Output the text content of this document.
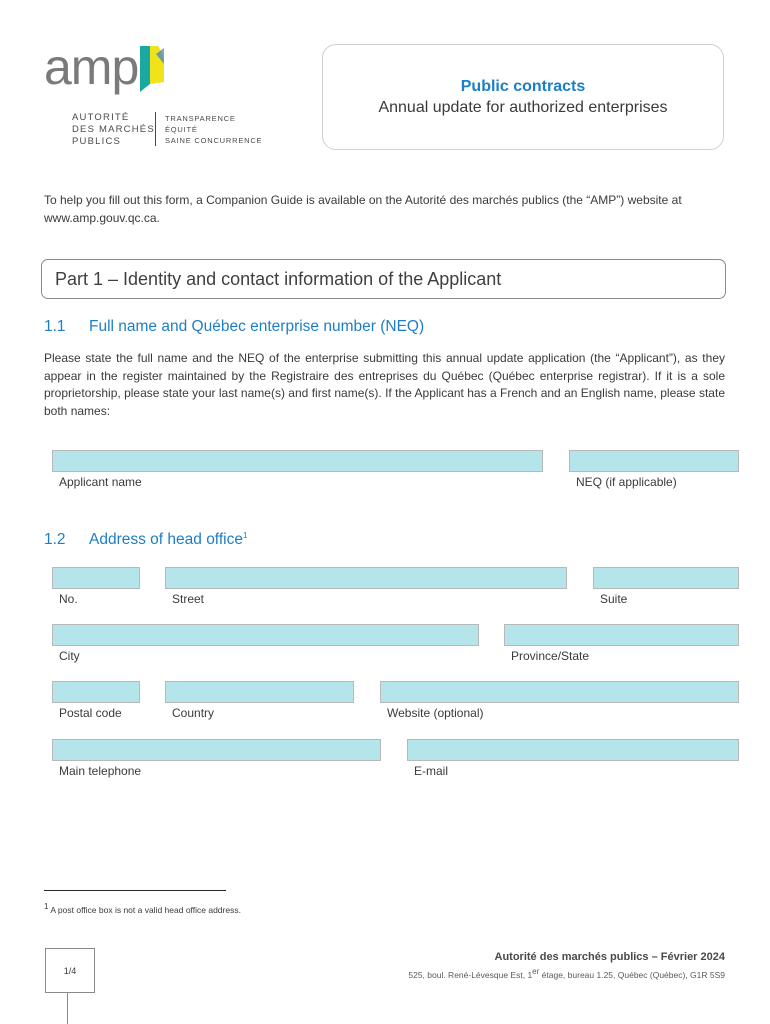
amp
AUTORITÉ
DES MARCHÉS
PUBLICS
TRANSPARENCE
ÉQUITÉ
SAINE CONCURRENCE
Public contracts
Annual update for authorized enterprises
To help you fill out this form, a Companion Guide is available on the Autorité des marchés publics (the “AMP”) website at www.amp.gouv.qc.ca.
Part 1 – Identity and contact information of the Applicant
1.1 Full name and Québec enterprise number (NEQ)
Please state the full name and the NEQ of the enterprise submitting this annual update application (the “Applicant”), as they appear in the register maintained by the Registraire des entreprises du Québec (Québec enterprise registrar). If it is a sole proprietorship, please state your last name(s) and first name(s). If the Applicant has a French and an English name, please state both names:
Applicant name	NEQ (if applicable)
1.2 Address of head office$^1$
No.	Street	Suite
City	Province/State
Postal code	Country	Website (optional)
Main telephone	E-mail
1 A post office box is not a valid head office address.
1/4
Autorité des marchés publics – Février 2024
525, boul. René-Lévesque Est, 1er étage, bureau 1.25, Québec (Québec), G1R 5S9
